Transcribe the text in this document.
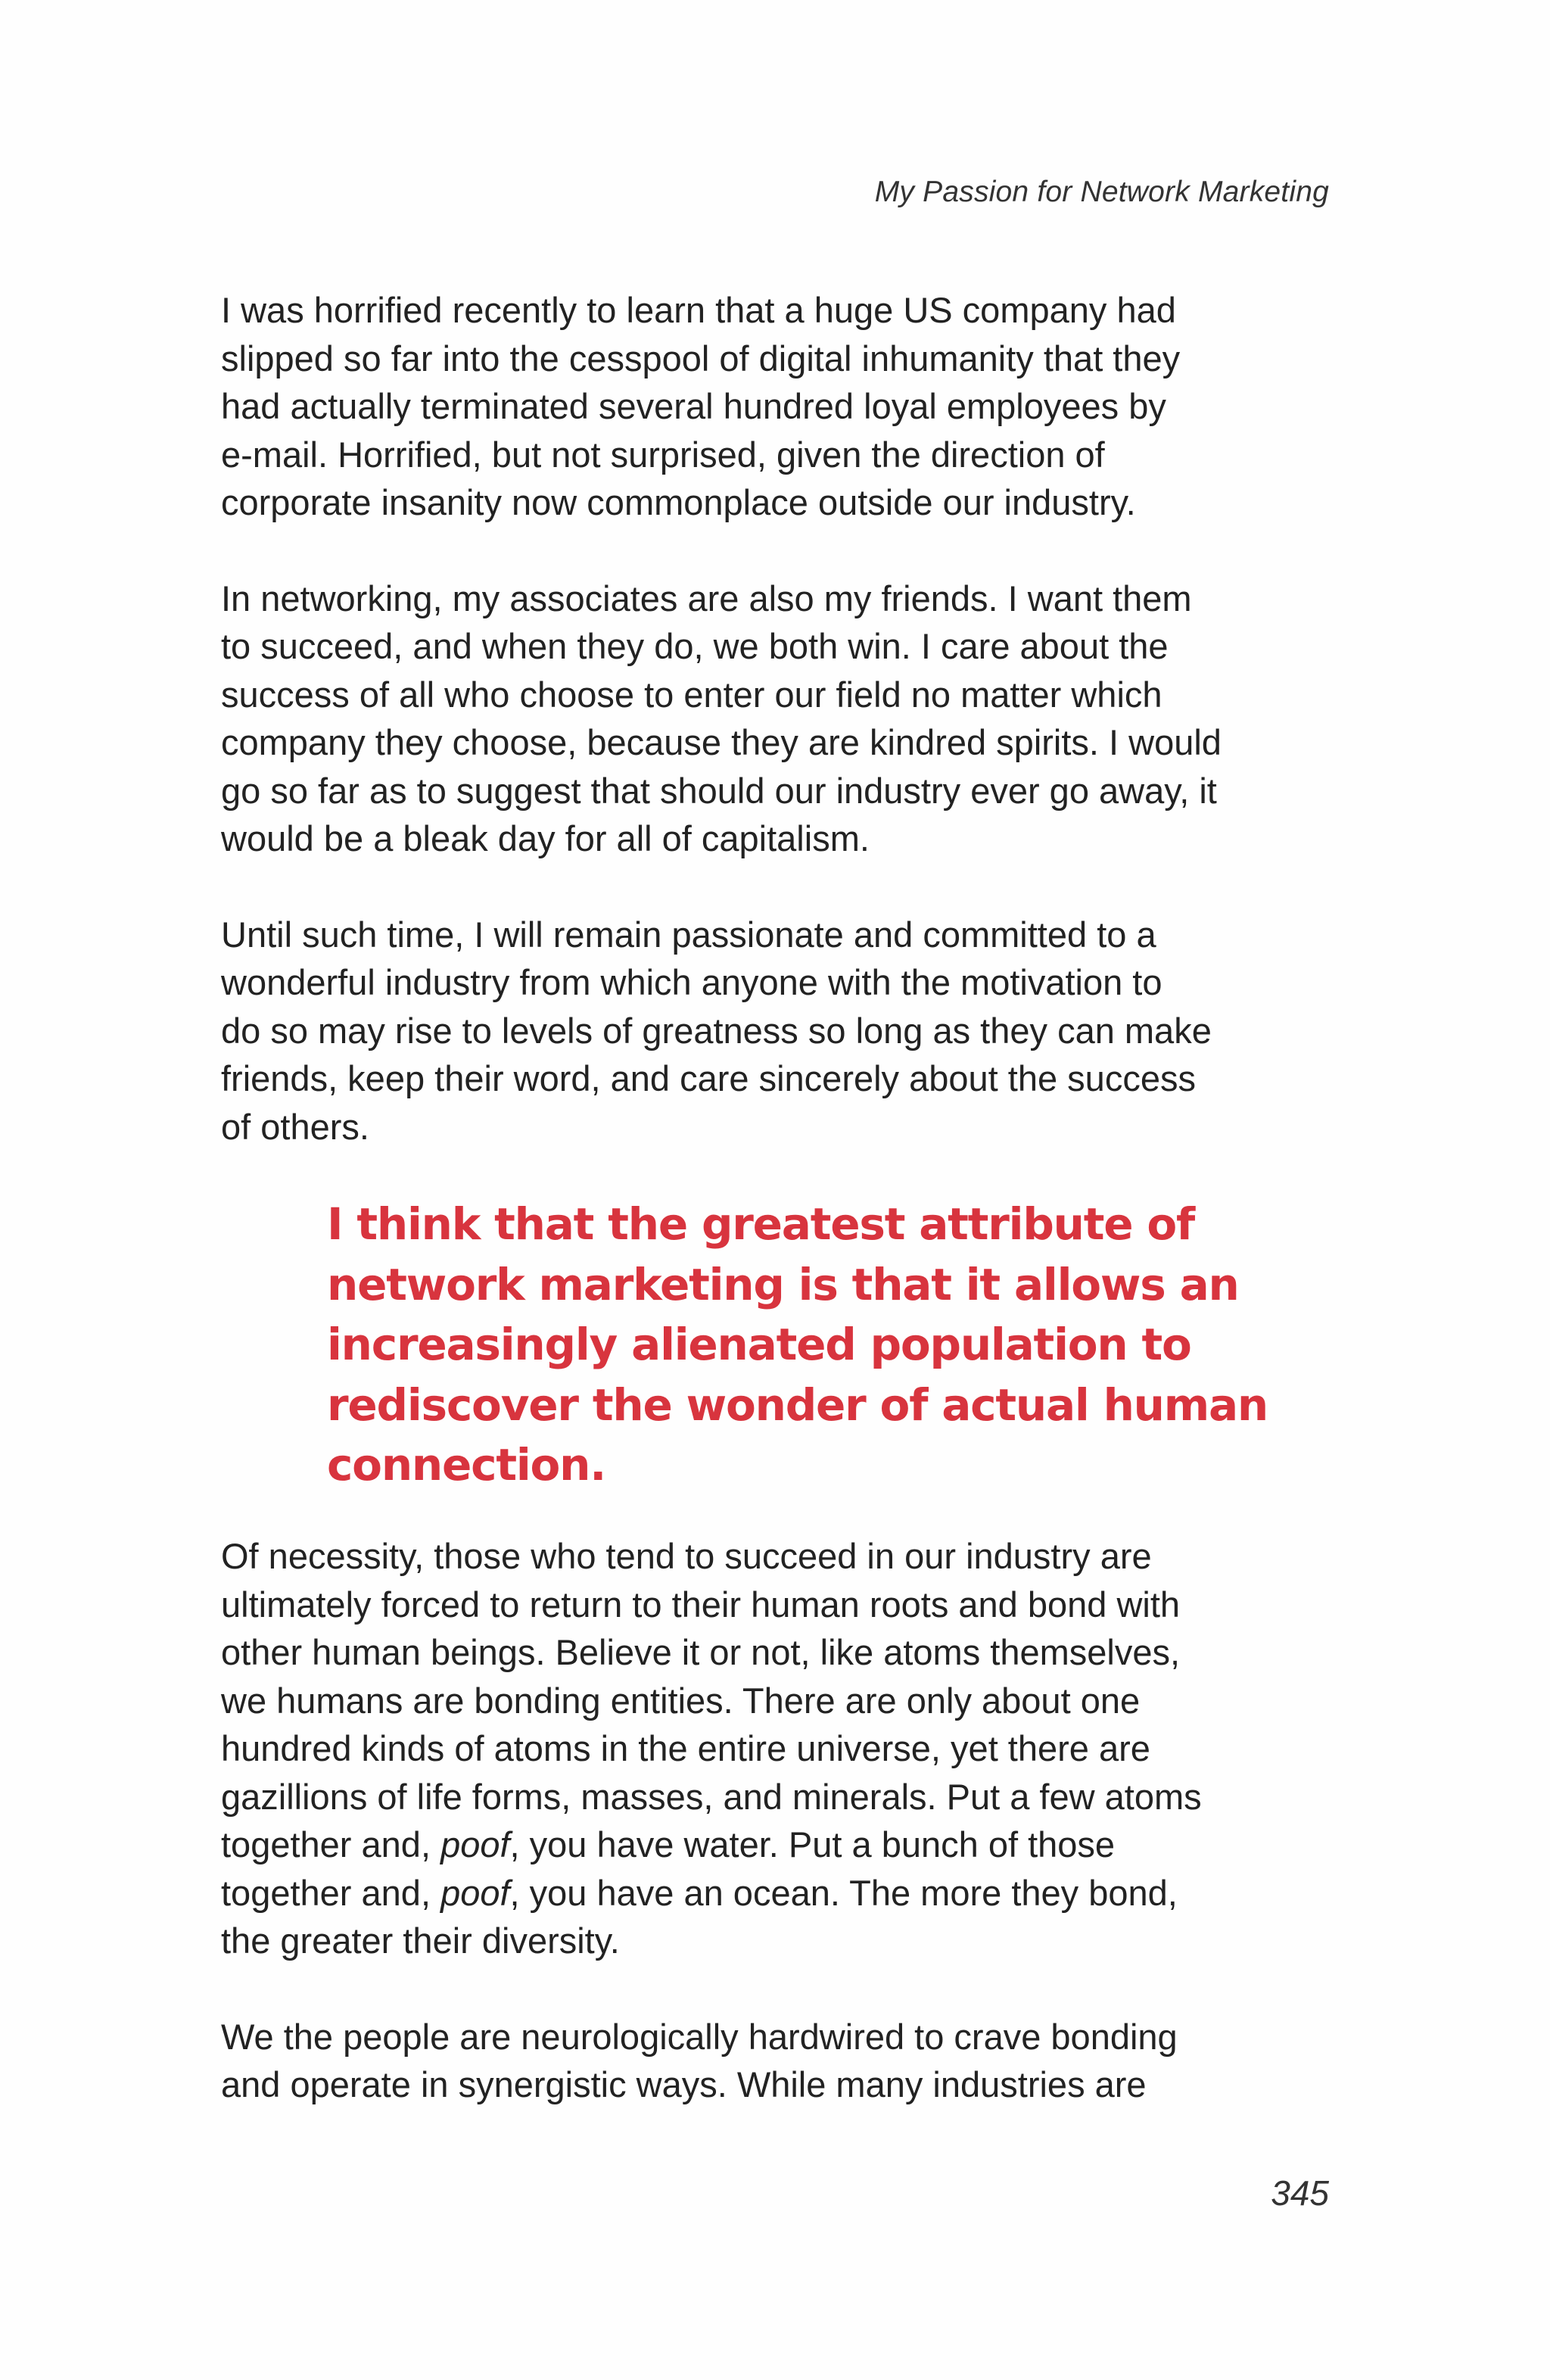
My Passion for Network Marketing

I was horrified recently to learn that a huge US company had
slipped so far into the cesspool of digital inhumanity that they
had actually terminated several hundred loyal employees by
e-mail. Horrified, but not surprised, given the direction of
corporate insanity now commonplace outside our industry.

In networking, my associates are also my friends. I want them
to succeed, and when they do, we both win. I care about the
success of all who choose to enter our field no matter which
company they choose, because they are kindred spirits. I would
go so far as to suggest that should our industry ever go away, it
would be a bleak day for all of capitalism.

Until such time, I will remain passionate and committed to a
wonderful industry from which anyone with the motivation to
do so may rise to levels of greatness so long as they can make
friends, keep their word, and care sincerely about the success
of others.

I think that the greatest attribute of
network marketing is that it allows an
increasingly alienated population to
rediscover the wonder of actual human
connection.

Of necessity, those who tend to succeed in our industry are
ultimately forced to return to their human roots and bond with
other human beings. Believe it or not, like atoms themselves,
we humans are bonding entities. There are only about one
hundred kinds of atoms in the entire universe, yet there are
gazillions of life forms, masses, and minerals. Put a few atoms
together and, poof, you have water. Put a bunch of those
together and, poof, you have an ocean. The more they bond,
the greater their diversity.

We the people are neurologically hardwired to crave bonding
and operate in synergistic ways. While many industries are

345
